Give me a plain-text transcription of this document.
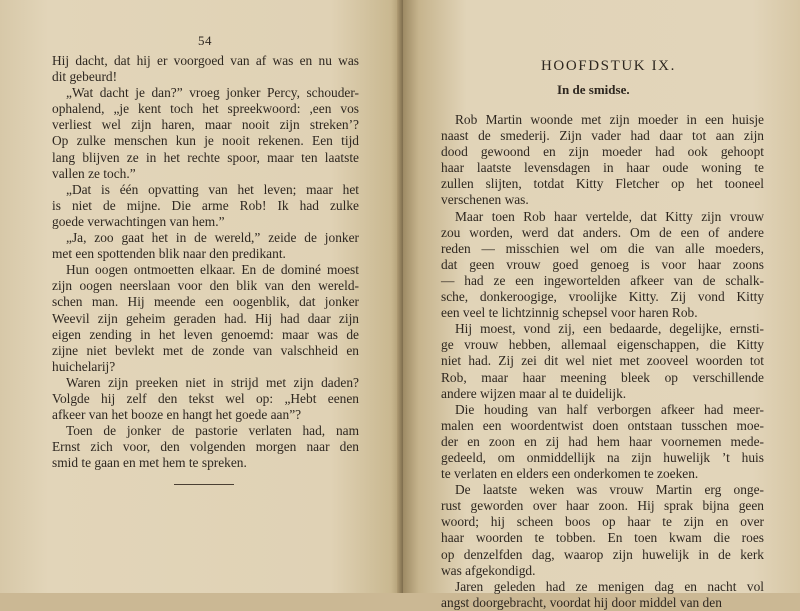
54

Hij dacht, dat hij er voorgoed van af was en nu was
dit gebeurd!

„Wat dacht je dan?” vroeg jonker Percy, schouder-
ophalend, „je kent toch het spreekwoord: ,een vos
verliest wel zijn haren, maar nooit zijn streken’?
Op zulke menschen kun je nooit rekenen. Een tijd
lang blijven ze in het rechte spoor, maar ten laatste
vallen ze toch.”

„Dat is één opvatting van het leven; maar het
is niet de mijne. Die arme Rob! Ik had zulke
goede verwachtingen van hem.”

„Ja, zoo gaat het in de wereld,” zeide de jonker
met een spottenden blik naar den predikant.

Hun oogen ontmoetten elkaar. En de dominé moest
zijn oogen neerslaan voor den blik van den wereld-
schen man. Hij meende een oogenblik, dat jonker
Weevil zijn geheim geraden had. Hij had daar zijn
eigen zending in het leven genoemd: maar was de
zijne niet bevlekt met de zonde van valschheid en
huichelarij?

Waren zijn preeken niet in strijd met zijn daden?
Volgde hij zelf den tekst wel op: „Hebt eenen
afkeer van het booze en hangt het goede aan”?

Toen de jonker de pastorie verlaten had, nam
Ernst zich voor, den volgenden morgen naar den
smid te gaan en met hem te spreken.

HOOFDSTUK IX.
In de smidse.

Rob Martin woonde met zijn moeder in een huisje
naast de smederij. Zijn vader had daar tot aan zijn
dood gewoond en zijn moeder had ook gehoopt
haar laatste levensdagen in haar oude woning te
zullen slijten, totdat Kitty Fletcher op het tooneel
verschenen was.

Maar toen Rob haar vertelde, dat Kitty zijn vrouw
zou worden, werd dat anders. Om de een of andere
reden — misschien wel om die van alle moeders,
dat geen vrouw goed genoeg is voor haar zoons
— had ze een ingewortelden afkeer van de schalk-
sche, donkeroogige, vroolijke Kitty. Zij vond Kitty
een veel te lichtzinnig schepsel voor haren Rob.

Hij moest, vond zij, een bedaarde, degelijke, ernsti-
ge vrouw hebben, allemaal eigenschappen, die Kitty
niet had. Zij zei dit wel niet met zooveel woorden tot
Rob, maar haar meening bleek op verschillende
andere wijzen maar al te duidelijk.

Die houding van half verborgen afkeer had meer-
malen een woordentwist doen ontstaan tusschen moe-
der en zoon en zij had hem haar voornemen mede-
gedeeld, om onmiddellijk na zijn huwelijk ’t huis
te verlaten en elders een onderkomen te zoeken.

De laatste weken was vrouw Martin erg onge-
rust geworden over haar zoon. Hij sprak bijna geen
woord; hij scheen boos op haar te zijn en over
haar woorden te tobben. En toen kwam die roes
op denzelfden dag, waarop zijn huwelijk in de kerk
was afgekondigd.

Jaren geleden had ze menigen dag en nacht vol
angst doorgebracht, voordat hij door middel van den
